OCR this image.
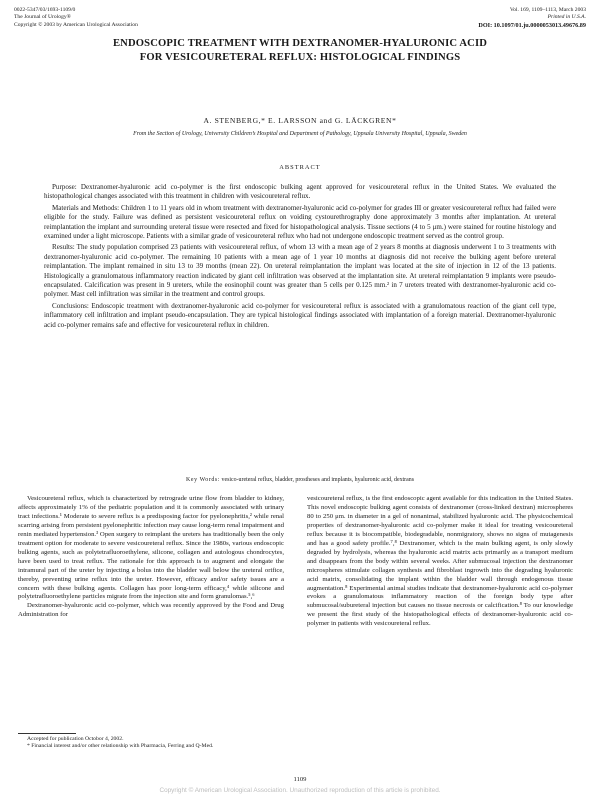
0022-5347/03/1693-1109/0
The Journal of Urology®
Copyright © 2003 by American Urological Association
Vol. 169, 1109–1113, March 2003
Printed in U.S.A.
DOI: 10.1097/01.ju.0000053013.49676.89
ENDOSCOPIC TREATMENT WITH DEXTRANOMER-HYALURONIC ACID
FOR VESICOURETERAL REFLUX: HISTOLOGICAL FINDINGS
A. STENBERG,* E. LARSSON and G. LÄCKGREN*
From the Section of Urology, University Children’s Hospital and Department of Pathology, Uppsala University Hospital, Uppsala, Sweden
ABSTRACT

Purpose: Dextranomer-hyaluronic acid co-polymer is the first endoscopic bulking agent approved for vesicoureteral reflux in the United States. We evaluated the histopathological changes associated with this treatment in children with vesicoureteral reflux.

Materials and Methods: Children 1 to 11 years old in whom treatment with dextranomer-hyaluronic acid co-polymer for grades III or greater vesicoureteral reflux had failed were eligible for the study. Failure was defined as persistent vesicoureteral reflux on voiding cystourethrography done approximately 3 months after implantation. At ureteral reimplantation the implant and surrounding ureteral tissue were resected and fixed for histopathological analysis. Tissue sections (4 to 5 μm.) were stained for routine histology and examined under a light microscope. Patients with a similar grade of vesicoureteral reflux who had not undergone endoscopic treatment served as the control group.

Results: The study population comprised 23 patients with vesicoureteral reflux, of whom 13 with a mean age of 2 years 8 months at diagnosis underwent 1 to 3 treatments with dextranomer-hyaluronic acid co-polymer. The remaining 10 patients with a mean age of 1 year 10 months at diagnosis did not receive the bulking agent before ureteral reimplantation. The implant remained in situ 13 to 39 months (mean 22). On ureteral reimplantation the implant was located at the site of injection in 12 of the 13 patients. Histologically a granulomatous inflammatory reaction indicated by giant cell infiltration was observed at the implantation site. At ureteral reimplantation 9 implants were pseudo-encapsulated. Calcification was present in 9 ureters, while the eosinophil count was greater than 5 cells per 0.125 mm.² in 7 ureters treated with dextranomer-hyaluronic acid co-polymer. Mast cell infiltration was similar in the treatment and control groups.

Conclusions: Endoscopic treatment with dextranomer-hyaluronic acid co-polymer for vesicoureteral reflux is associated with a granulomatous reaction of the giant cell type, inflammatory cell infiltration and implant pseudo-encapsulation. They are typical histological findings associated with implantation of a foreign material. Dextranomer-hyaluronic acid co-polymer remains safe and effective for vesicoureteral reflux in children.

Key Words: vesico-ureteral reflux, bladder, prostheses and implants, hyaluronic acid, dextrans

Vesicoureteral reflux, which is characterized by retrograde urine flow from bladder to kidney, affects approximately 1% of the pediatric population and it is commonly associated with urinary tract infections.¹ Moderate to severe reflux is a predisposing factor for pyelonephritis,² while renal scarring arising from persistent pyelonephritic infection may cause long-term renal impairment and renin mediated hypertension.³ Open surgery to reimplant the ureters has traditionally been the only treatment option for moderate to severe vesicoureteral reflux. Since the 1980s, various endoscopic bulking agents, such as polytetrafluoroethylene, silicone, collagen and autologous chondrocytes, have been used to treat reflux. The rationale for this approach is to augment and elongate the intramural part of the ureter by injecting a bolus into the bladder wall below the ureteral orifice, thereby, preventing urine reflux into the ureter. However, efficacy and/or safety issues are a concern with these bulking agents. Collagen has poor long-term efficacy,⁴ while silicone and polytetrafluoroethylene particles migrate from the injection site and form granulomas.⁵,⁶

Dextranomer-hyaluronic acid co-polymer, which was recently approved by the Food and Drug Administration for

vesicoureteral reflux, is the first endoscopic agent available for this indication in the United States. This novel endoscopic bulking agent consists of dextranomer (cross-linked dextran) microspheres 80 to 250 μm. in diameter in a gel of nonanimal, stabilized hyaluronic acid. The physicochemical properties of dextranomer-hyaluronic acid co-polymer make it ideal for treating vesicoureteral reflux because it is biocompatible, biodegradable, nonmigratory, shows no signs of mutagenesis and has a good safety profile.⁷,⁸ Dextranomer, which is the main bulking agent, is only slowly degraded by hydrolysis, whereas the hyaluronic acid matrix acts primarily as a transport medium and disappears from the body within several weeks. After submucosal injection the dextranomer microspheres stimulate collagen synthesis and fibroblast ingrowth into the degrading hyaluronic acid matrix, consolidating the implant within the bladder wall through endogenous tissue augmentation.⁸ Experimental animal studies indicate that dextranomer-hyaluronic acid co-polymer evokes a granulomatous inflammatory reaction of the foreign body type after submucosal/subureteral injection but causes no tissue necrosis or calcification.⁸ To our knowledge we present the first study of the histopathological effects of dextranomer-hyaluronic acid co-polymer in patients with vesicoureteral reflux.

Accepted for publication Octobor 4, 2002.

* Financial interest and/or other relationship with Pharmacia, Ferring and Q-Med.

1109
Copyright © American Urological Association. Unauthorized reproduction of this article is prohibited.
